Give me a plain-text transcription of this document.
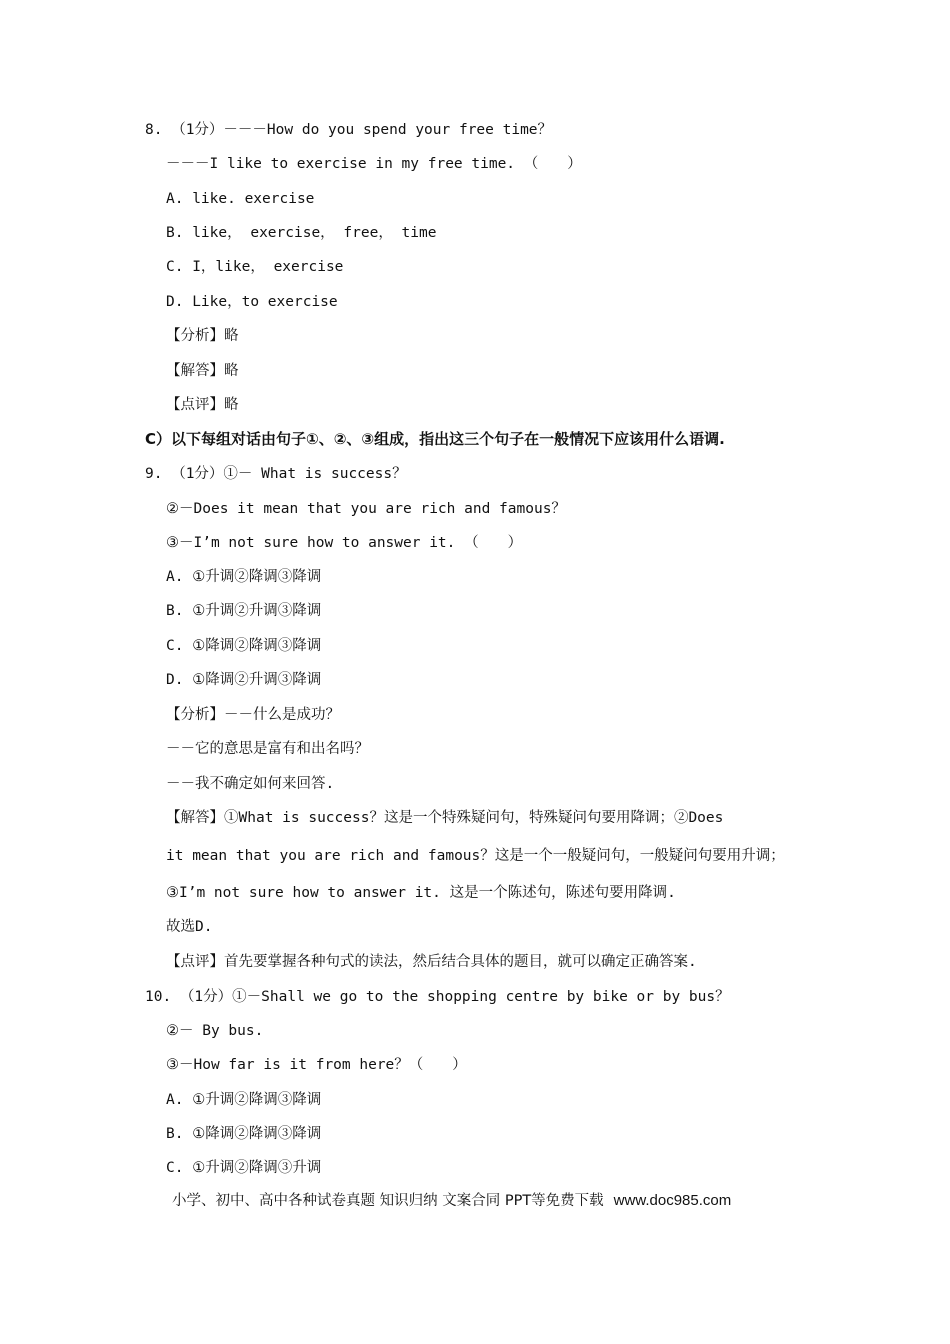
8. （1分）－－－How do you spend your free time？
－－－I like to exercise in my free time. （　　）
A. like. exercise
B. like， exercise， free， time
C. I，like， exercise
D. Like，to exercise
【分析】略
【解答】略
【点评】略
C）以下每组对话由句子①、②、③组成，指出这三个句子在一般情况下应该用什么语调.
9. （1分）①－ What is success？
②－Does it mean that you are rich and famous？
③－I’m not sure how to answer it. （　　）
A. ①升调②降调③降调
B. ①升调②升调③降调
C. ①降调②降调③降调
D. ①降调②升调③降调
【分析】－－什么是成功？
－－它的意思是富有和出名吗？
－－我不确定如何来回答.
【解答】①What is success？这是一个特殊疑问句，特殊疑问句要用降调；②Does
it mean that you are rich and famous？这是一个一般疑问句，一般疑问句要用升调；
③I’m not sure how to answer it. 这是一个陈述句，陈述句要用降调.
故选D.
【点评】首先要掌握各种句式的读法，然后结合具体的题目，就可以确定正确答案.
10. （1分）①－Shall we go to the shopping centre by bike or by bus？
②－ By bus.
③－How far is it from here？（　　）
A. ①升调②降调③降调
B. ①降调②降调③降调
C. ①升调②降调③升调
小学、初中、高中各种试卷真题 知识归纳 文案合同 PPT等免费下载 www.doc985.com
